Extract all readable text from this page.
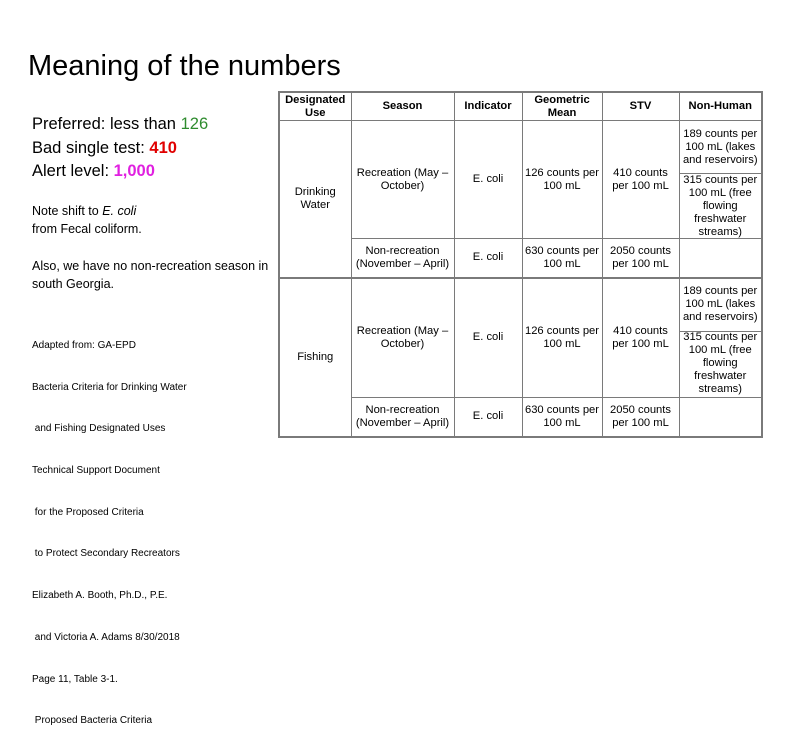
Meaning of the numbers
Preferred: less than 126
Bad single test: 410
Alert level: 1,000
Note shift to E. coli
from Fecal coliform.
Also, we have no non-recreation season in
south Georgia.

Adapted from: GA-EPD

Bacteria Criteria for Drinking Water

and Fishing Designated Uses

Technical Support Document

for the Proposed Criteria

to Protect Secondary Recreators

Elizabeth A. Booth, Ph.D., P.E.

and Victoria A. Adams 8/30/2018

Page 11, Table 3-1.

Proposed Bacteria Criteria

Designated Use	Season	Indicator	Geometric Mean	STV	Non-Human
Drinking Water	Recreation (May – October)	E. coli	126 counts per 100 mL	410 counts per 100 mL	189 counts per 100 mL (lakes and reservoirs)
315 counts per 100 mL (free flowing freshwater streams)

	Non-recreation (November – April)	E. coli	630 counts per 100 mL	2050 counts per 100 mL	
Fishing	Recreation (May – October)	E. coli	126 counts per 100 mL	410 counts per 100 mL	189 counts per 100 mL (lakes and reservoirs)
315 counts per 100 mL (free flowing freshwater streams)

	Non-recreation (November – April)	E. coli	630 counts per 100 mL	2050 counts per 100 mL	
